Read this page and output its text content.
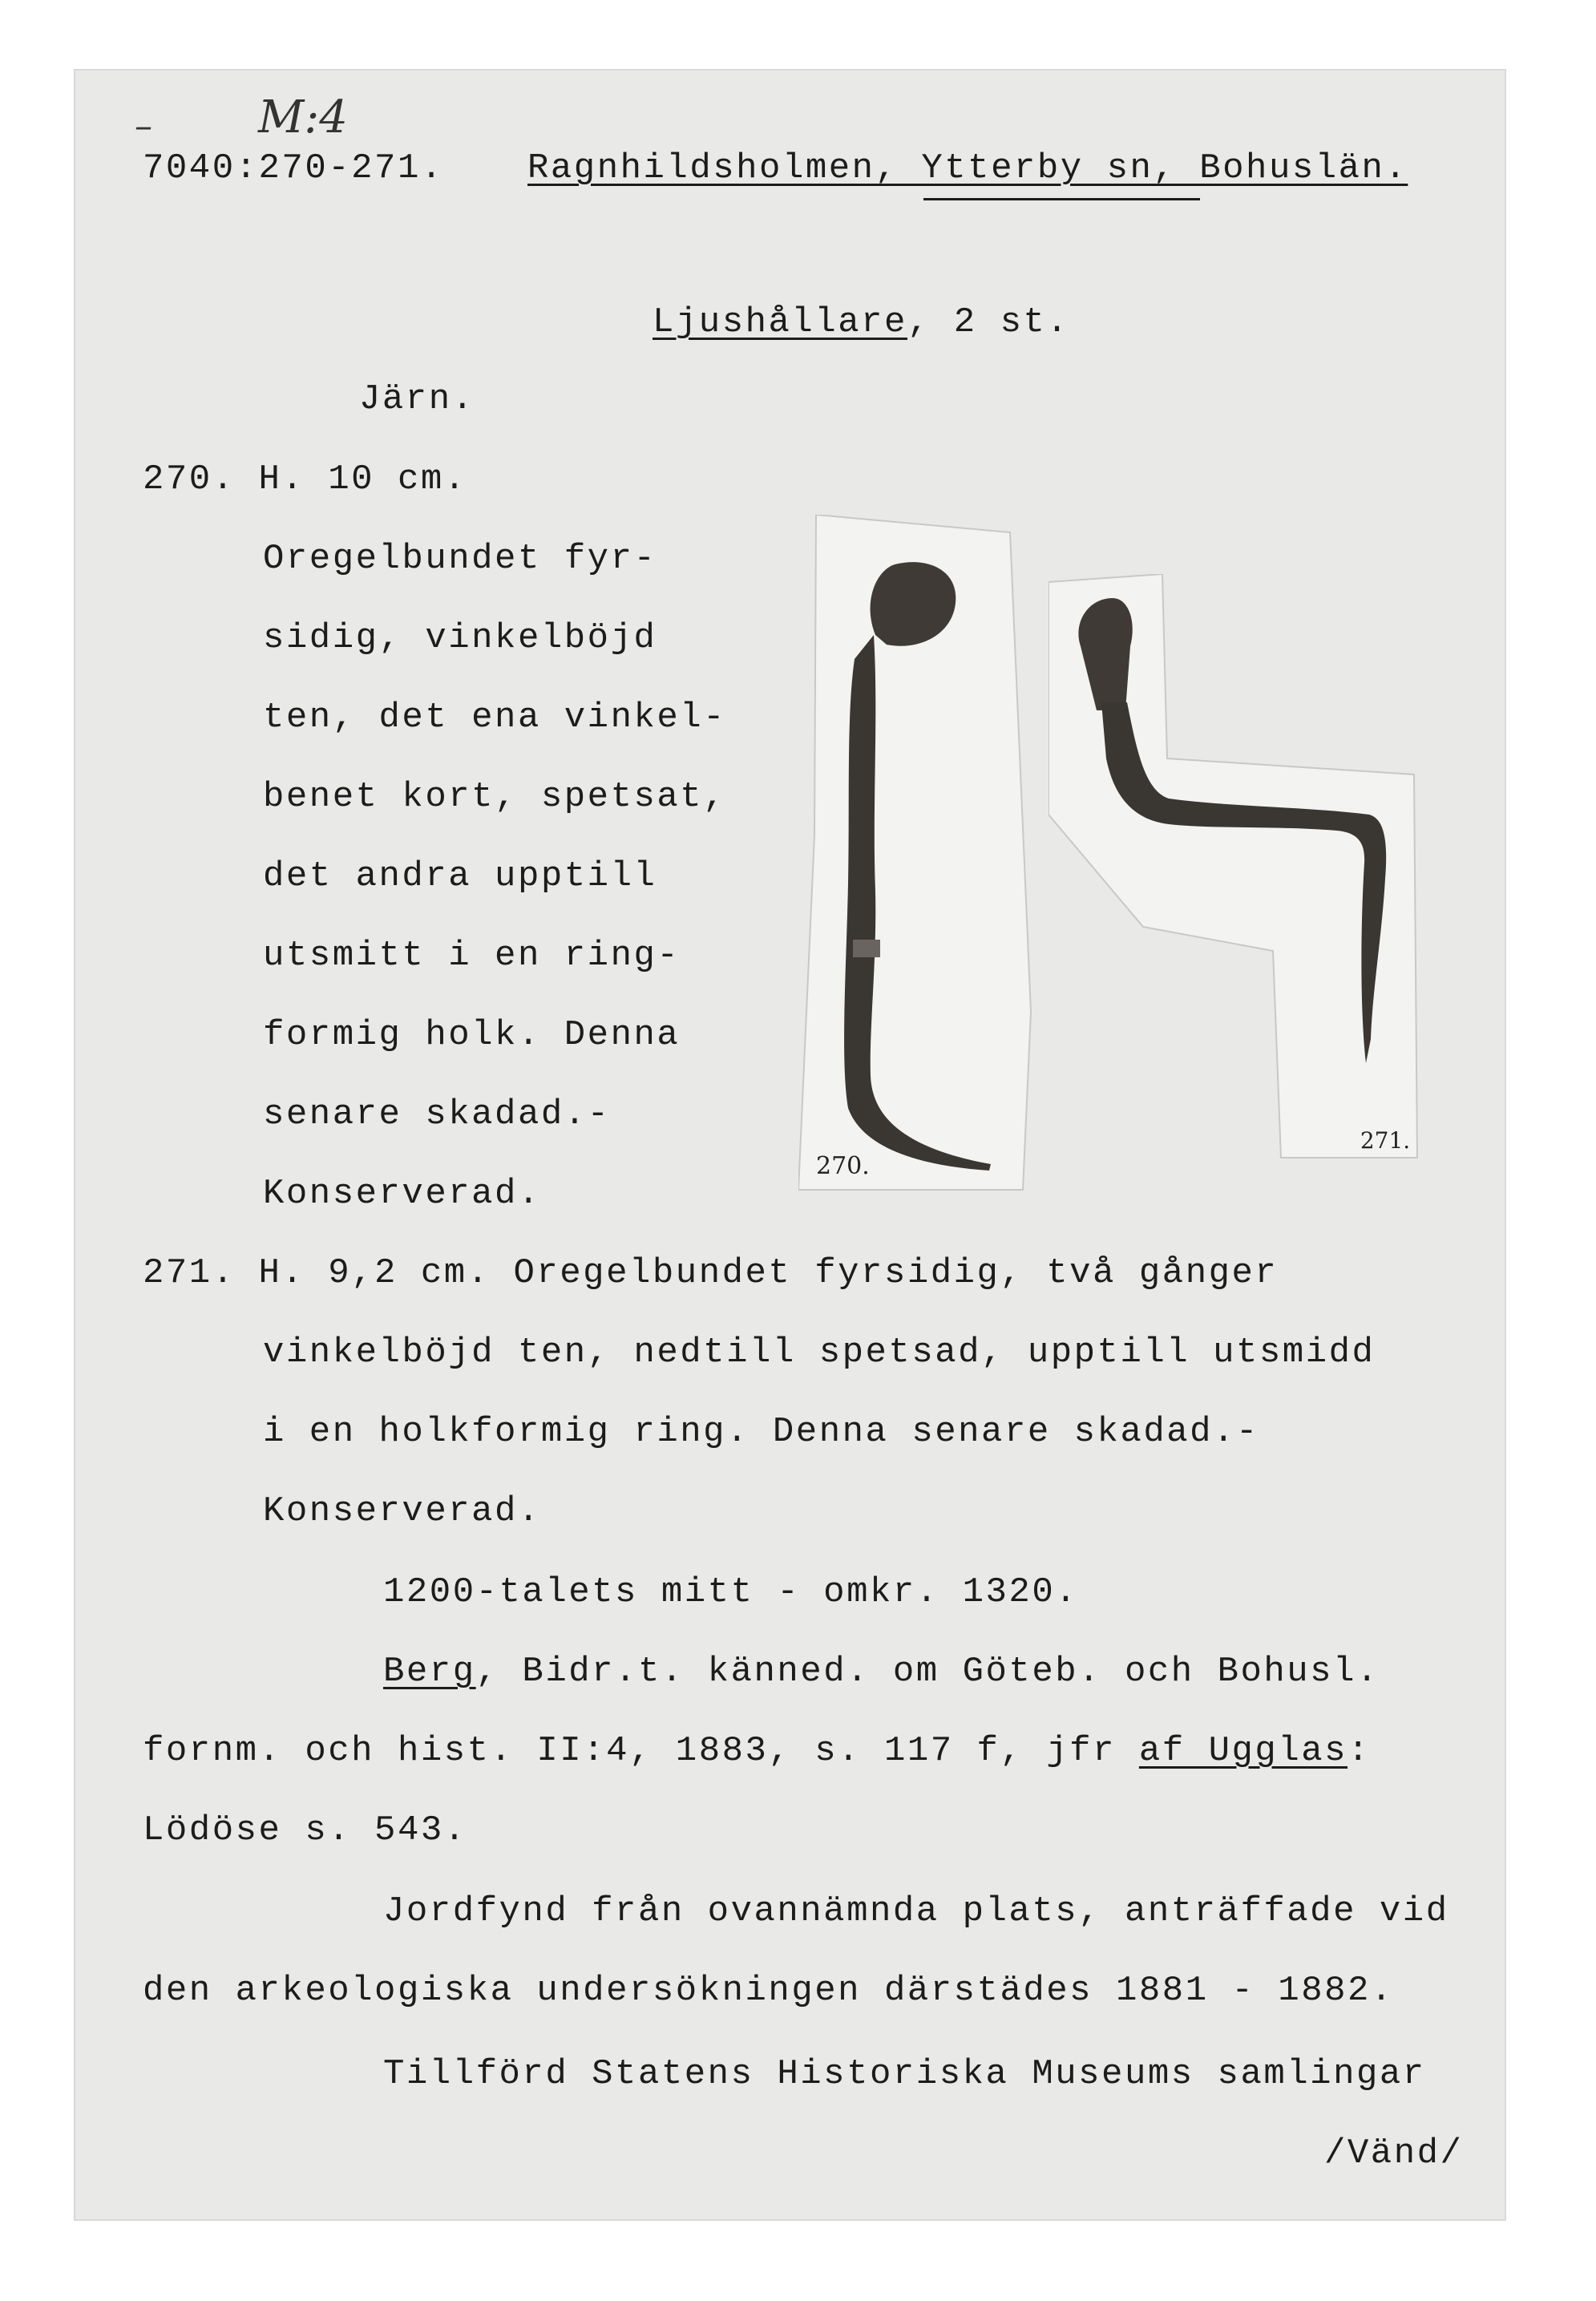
– M:4
7040:270-271. Ragnhildsholmen, Ytterby sn, Bohuslän.
Ljushållare, 2 st.
Järn.
270. H. 10 cm.
Oregelbundet fyr-
sidig, vinkelböjd
ten, det ena vinkel-
benet kort, spetsat,
det andra upptill
utsmitt i en ring-
formig holk. Denna
senare skadad.-
Konserverad.
270.
271.
271. H. 9,2 cm. Oregelbundet fyrsidig, två gånger
vinkelböjd ten, nedtill spetsad, upptill utsmidd
i en holkformig ring. Denna senare skadad.-
Konserverad.
1200-talets mitt - omkr. 1320.
Berg, Bidr.t. känned. om Göteb. och Bohusl.
fornm. och hist. II:4, 1883, s. 117 f, jfr af Ugglas:
Lödöse s. 543.
Jordfynd från ovannämnda plats, anträffade vid
den arkeologiska undersökningen därstädes 1881 - 1882.
Tillförd Statens Historiska Museums samlingar
/Vänd/
